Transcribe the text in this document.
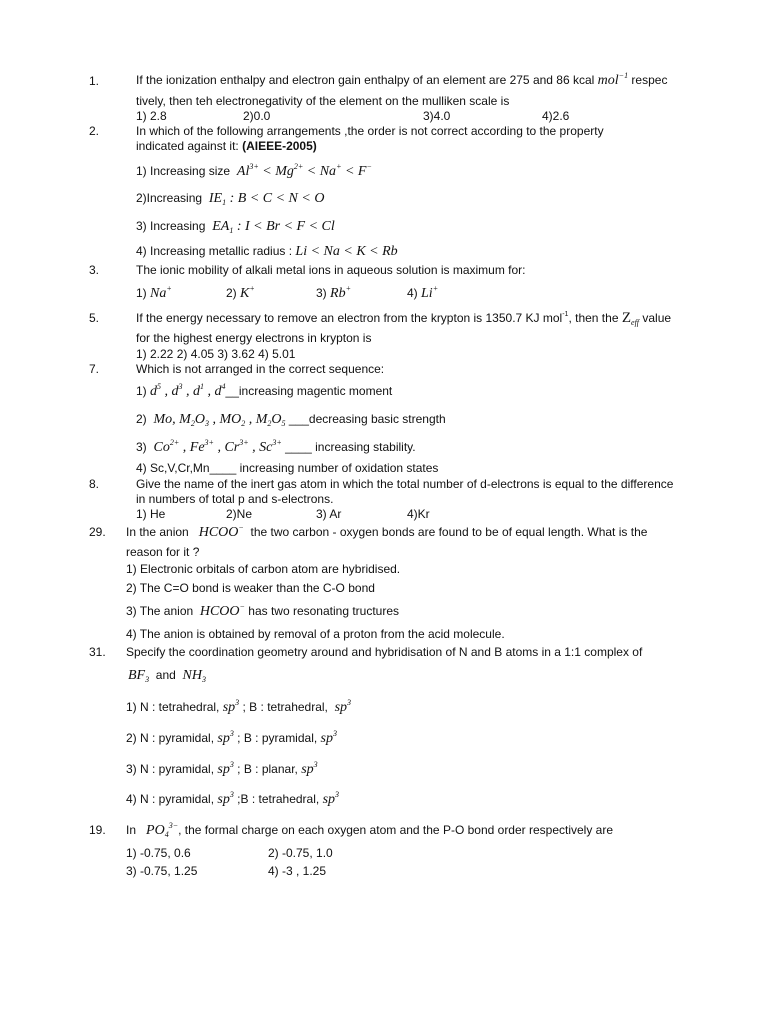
1.	If the ionization enthalpy and electron gain enthalpy of an element are 275 and 86 kcal mol$^{-1}$ respec
tively, then teh electronegativity of the element on the mulliken scale is
1) 2.8	2)0.0	3)4.0	4)2.6
2.	In which of the following arrangements ,the order is not correct according to the property
indicated against it: (AIEEE-2005)
1) Increasing size  $Al^{3+} < Mg^{2+} < Na^+ < F^-$
2)Increasing  $IE_1$ : B < C < N < O
3) Increasing  $EA_1$ : I < Br < F < Cl
4) Increasing metallic radius : Li < Na < K < Rb
3.	The ionic mobility of alkali metal ions in aqueous solution is maximum for:
1) Na+	2) K+	3) Rb+	4) Li+
5.	If the energy necessary to remove an electron from the krypton is 1350.7 KJ mol$^{-1}$, then the $Z_{eff}$ value
for the highest energy electrons in krypton is
1) 2.22 2) 4.05 3) 3.62 4) 5.01
7.	Which is not arranged in the correct sequence:
1) $d^5$ , $d^3$ , $d^1$ , $d^4\_\_increasing$ magentic moment
2)  Mo, $M_2O_3$ , $MO_2$ , $M_2O_5$ ___decreasing basic strength
3)  $Co^{2+}$ , $Fe^{3+}$ , $Cr^{3+}$ , $Sc^{3+}$ ____ increasing stability.
4) Sc,V,Cr,Mn____ increasing number of oxidation states
8.	Give the name of the inert gas atom in which the total number of d-electrons is equal to the difference
in numbers of total p and s-electrons.
1) He	2)Ne	3) Ar	4)Kr
29. In the anion HCOO− the two carbon - oxygen bonds are found to be of equal length. What is the
reason for it ?
1) Electronic orbitals of carbon atom are hybridised.
2) The C=O bond is weaker than the C-O bond
3) The anion HCOO− has two resonating tructures
4) The anion is obtained by removal of a proton from the acid molecule.
31. Specify the coordination geometry around and hybridisation of N and B atoms in a 1:1 complex of
$BF_3$ and $NH_3$
1) N : tetrahedral, $sp^3$ ; B : tetrahedral, $sp^3$
2) N : pyramidal, $sp^3$ ; B : pyramidal, $sp^3$
3) N : pyramidal, $sp^3$ ; B : planar, $sp^3$
4) N : pyramidal, $sp^3$ ;B : tetrahedral, $sp^3$
19. In $PO_4^{3-}$, the formal charge on each oxygen atom and the P-O bond order respectively are
1) -0.75, 0.6	2) -0.75, 1.0
3) -0.75, 1.25	4) -3 , 1.25
